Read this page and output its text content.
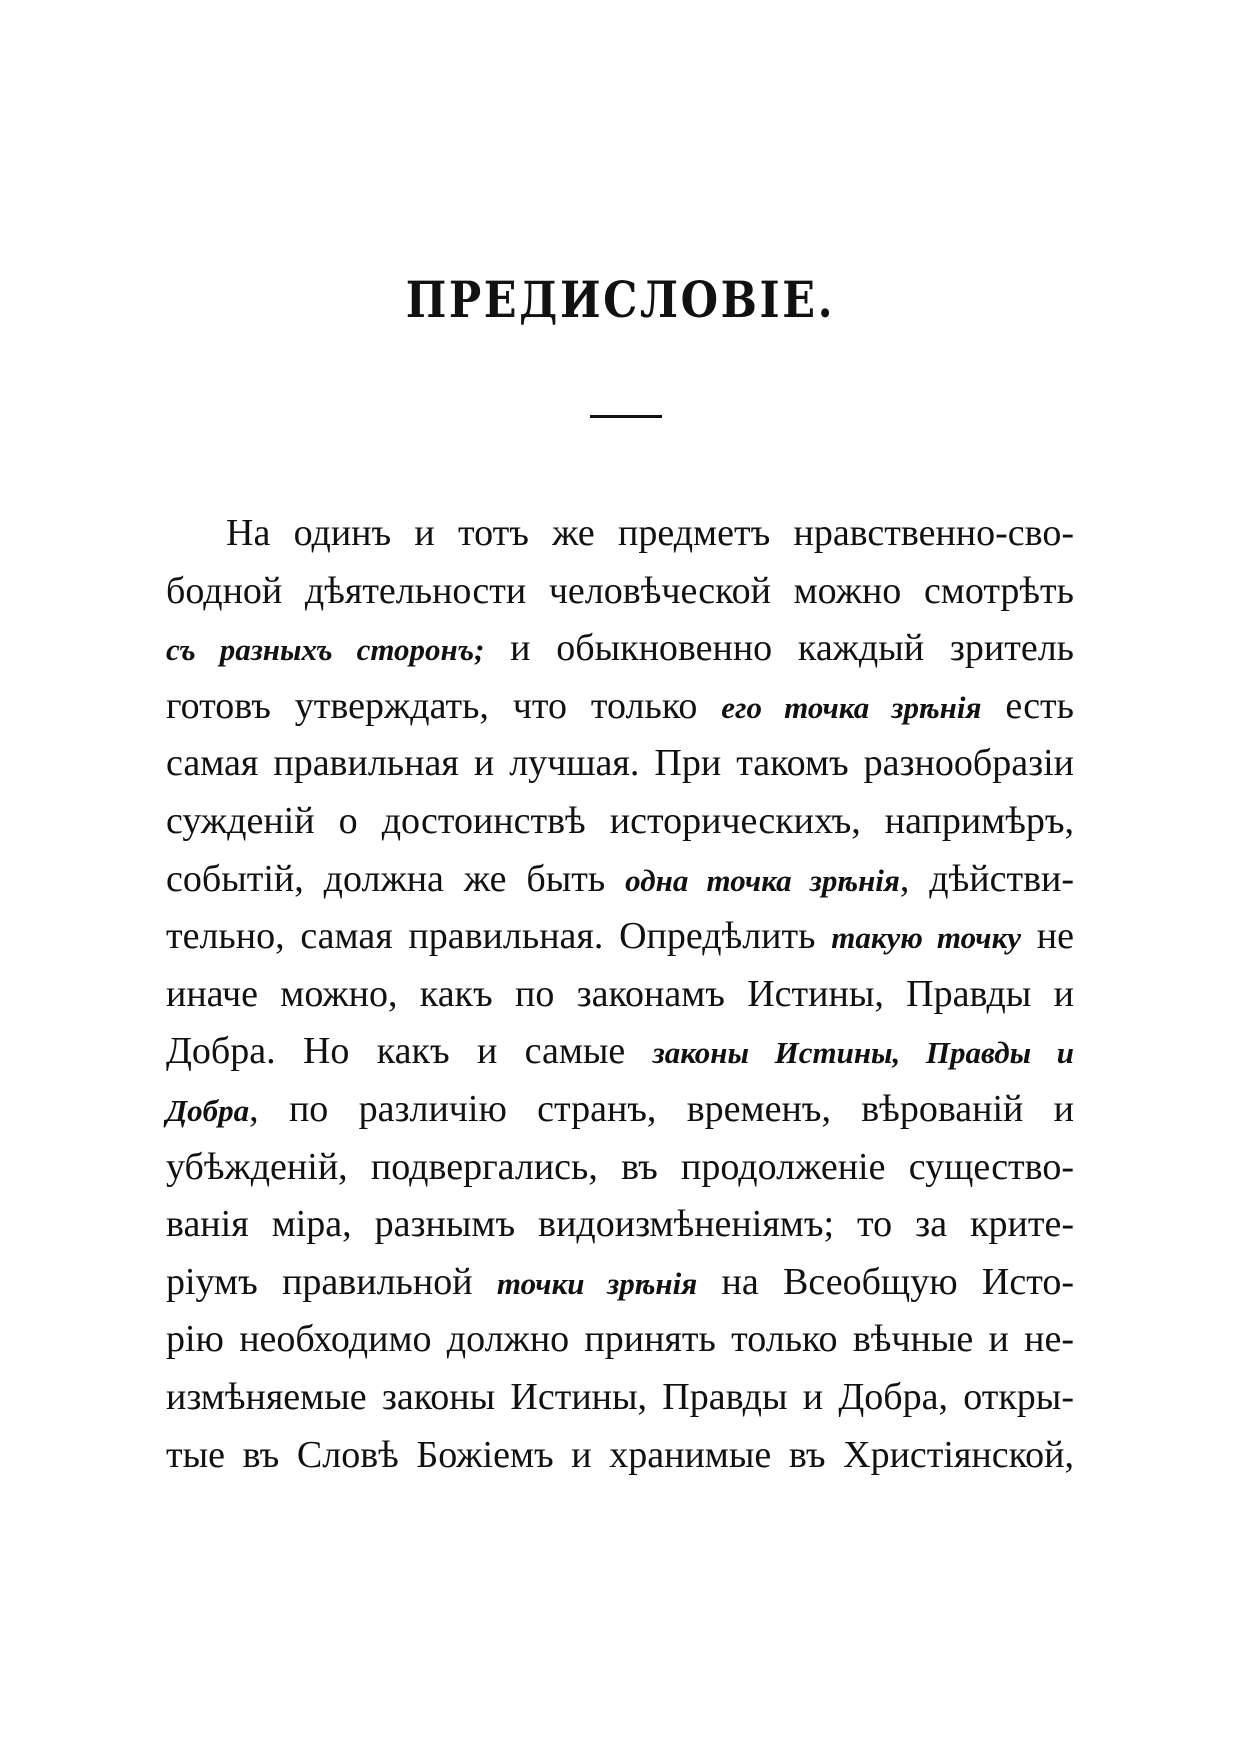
ПРЕДИСЛОВІЕ.
На одинъ и тотъ же предметъ нравственно-сво-
бодной дѣятельности человѣческой можно смотрѣть
съ разныхъ сторонъ; и обыкновенно каждый зритель
готовъ утверждать, что только его точка зрѣнія есть
самая правильная и лучшая. При такомъ разнообразіи
сужденій о достоинствѣ историческихъ, напримѣръ,
событій, должна же быть одна точка зрѣнія, дѣйстви-
тельно, самая правильная. Опредѣлить такую точку не
иначе можно, какъ по законамъ Истины, Правды и
Добра. Но какъ и самые законы Истины, Правды и
Добра, по различію странъ, временъ, вѣрованій и
убѣжденій, подвергались, въ продолженіе существо-
ванія міра, разнымъ видоизмѣненіямъ; то за крите-
ріумъ правильной точки зрѣнія на Всеобщую Исто-
рію необходимо должно принять только вѣчные и не-
измѣняемые законы Истины, Правды и Добра, откры-
тые въ Словѣ Божіемъ и хранимые въ Христіянской,
